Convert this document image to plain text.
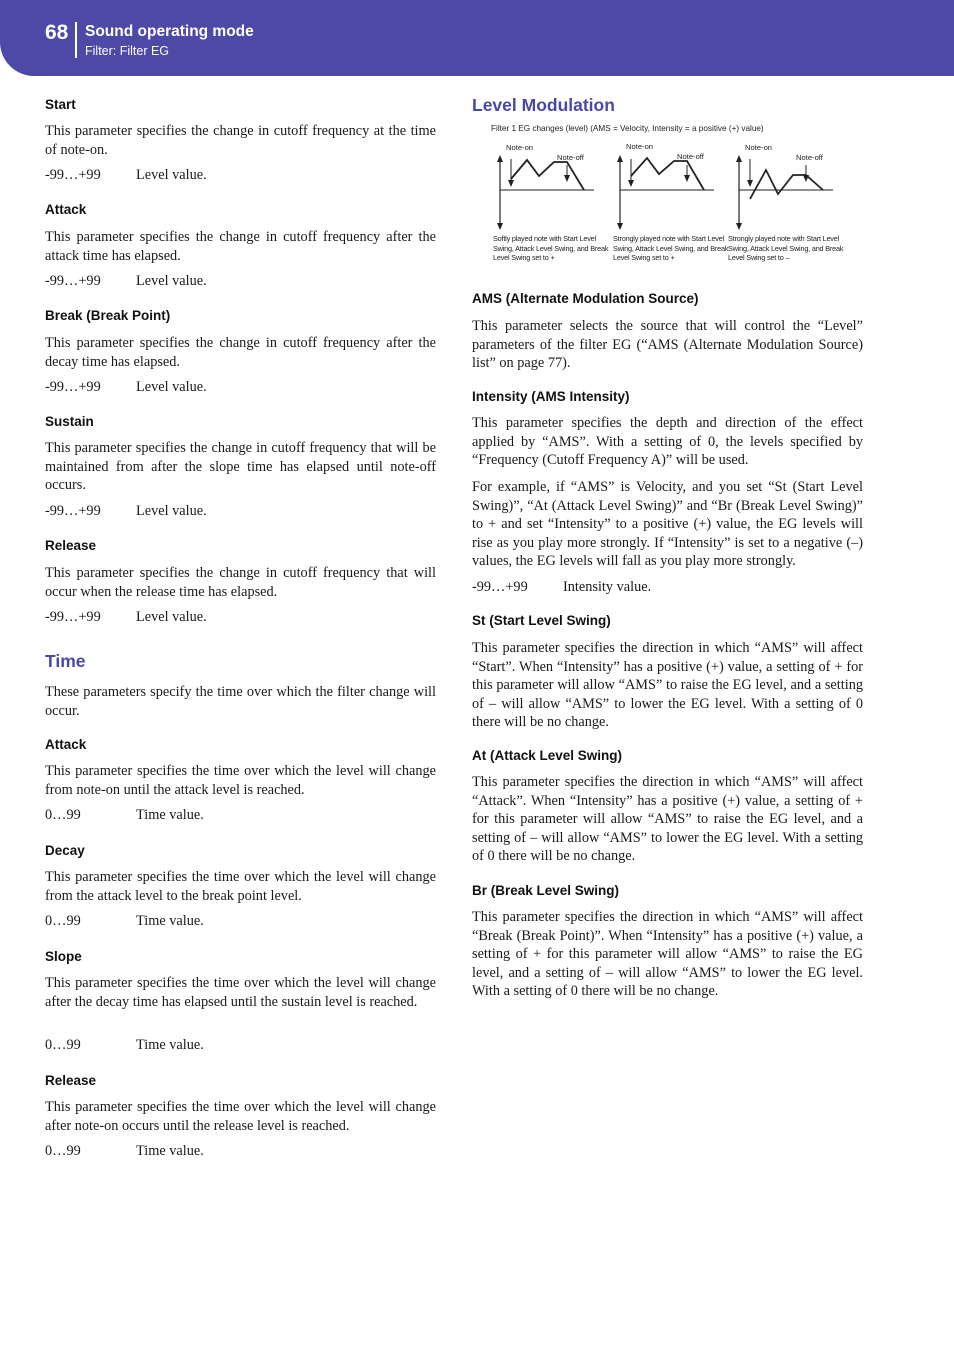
68 Sound operating mode
Filter: Filter EG
Start

This parameter specifies the change in cutoff frequency at the time of note-on.

-99…+99 Level value.
Attack

This parameter specifies the change in cutoff frequency after the attack time has elapsed.

-99…+99 Level value.
Break (Break Point)

This parameter specifies the change in cutoff frequency after the decay time has elapsed.

-99…+99 Level value.
Sustain

This parameter specifies the change in cutoff frequency that will be maintained from after the slope time has elapsed until note-off occurs.

-99…+99 Level value.
Release

This parameter specifies the change in cutoff frequency that will occur when the release time has elapsed.

-99…+99 Level value.
Time

These parameters specify the time over which the filter change will occur.

Attack

This parameter specifies the time over which the level will change from note-on until the attack level is reached.

0…99	Time value.
Decay

This parameter specifies the time over which the level will change from the attack level to the break point level.

0…99	Time value.
Slope

This parameter specifies the time over which the level will change after the decay time has elapsed until the sustain level is reached.

0…99	Time value.
Release

This parameter specifies the time over which the level will change after note-on occurs until the release level is reached.

0…99	Time value.
Filter 1 EG changes (level) (AMS = Velocity, Intensity = a positive (+) value)
Note-on
Note-off
Softly played note with Start Level Swing, Attack Level Swing, and Break Level Swing set to +
Note-on
Note-off
Strongly played note with Start Level Swing, Attack Level Swing, and Break Level Swing set to +
Note-on
Note-off
Strongly played note with Start Level Swing, Attack Level Swing, and Break Level Swing set to –
Level Modulation
AMS (Alternate Modulation Source)

This parameter selects the source that will control the “Level” parameters of the filter EG (“AMS (Alternate Modulation Source) list” on page 77).

Intensity (AMS Intensity)

This parameter specifies the depth and direction of the effect applied by “AMS”. With a setting of 0, the levels specified by “Frequency (Cutoff Frequency A)” will be used.

For example, if “AMS” is Velocity, and you set “St (Start Level Swing)”, “At (Attack Level Swing)” and “Br (Break Level Swing)” to + and set “Intensity” to a positive (+) value, the EG levels will rise as you play more strongly. If “Intensity” is set to a negative (–) values, the EG levels will fall as you play more strongly.

-99…+99 Intensity value.
St (Start Level Swing)

This parameter specifies the direction in which “AMS” will affect “Start”. When “Intensity” has a positive (+) value, a setting of + for this parameter will allow “AMS” to raise the EG level, and a setting of – will allow “AMS” to lower the EG level. With a setting of 0 there will be no change.

At (Attack Level Swing)

This parameter specifies the direction in which “AMS” will affect “Attack”. When “Intensity” has a positive (+) value, a setting of + for this parameter will allow “AMS” to raise the EG level, and a setting of – will allow “AMS” to lower the EG level. With a setting of 0 there will be no change.

Br (Break Level Swing)

This parameter specifies the direction in which “AMS” will affect “Break (Break Point)”. When “Intensity” has a positive (+) value, a setting of + for this parameter will allow “AMS” to raise the EG level, and a setting of – will allow “AMS” to lower the EG level. With a setting of 0 there will be no change.
